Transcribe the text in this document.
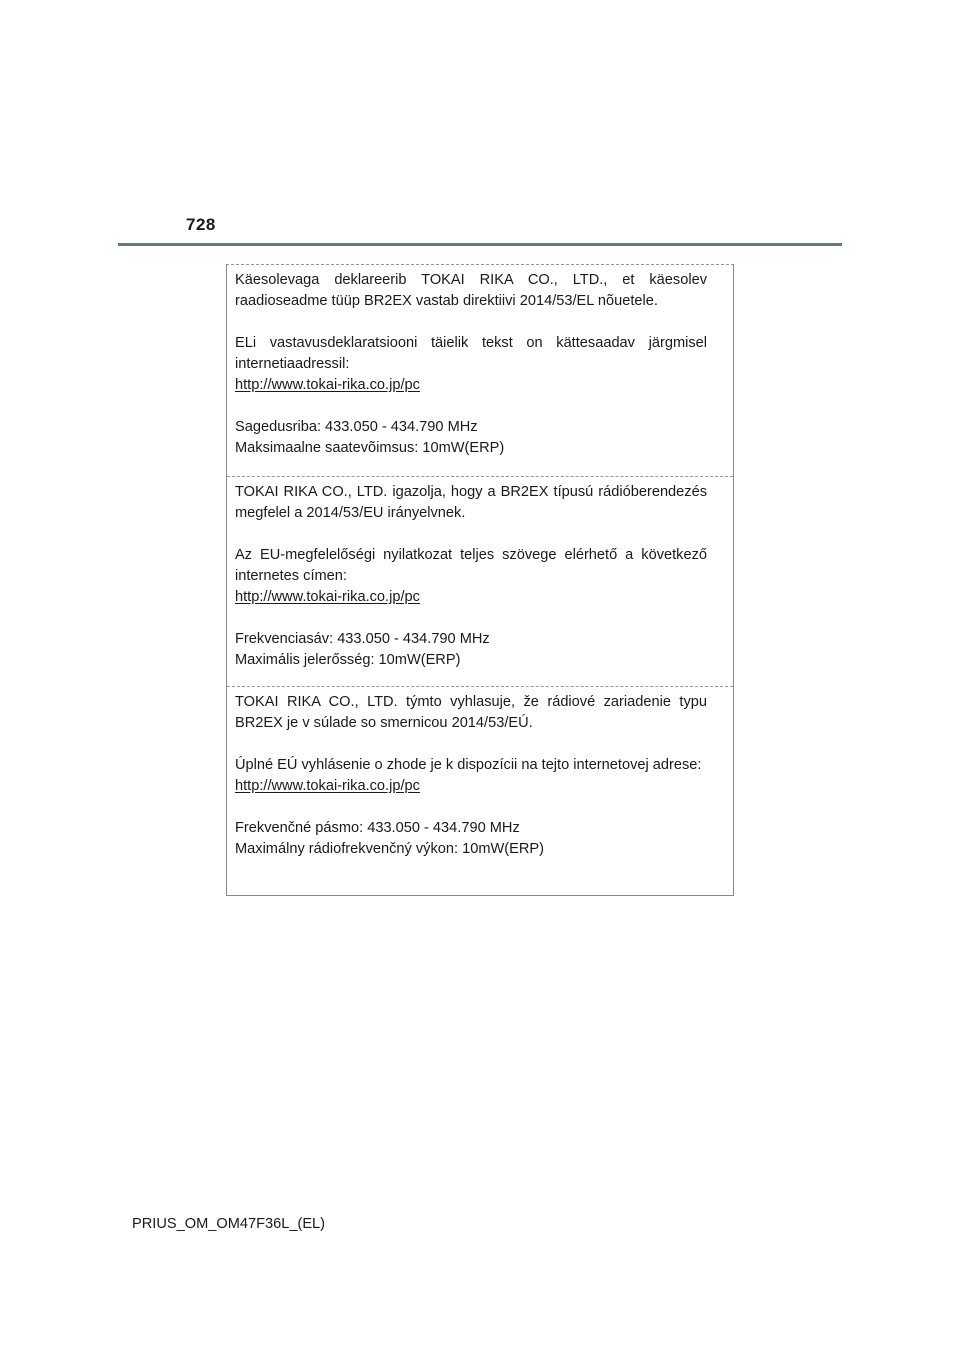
728

Käesolevaga deklareerib TOKAI RIKA CO., LTD., et käesolev raadioseadme tüüp BR2EX vastab direktiivi 2014/53/EL nõuetele.

ELi vastavusdeklaratsiooni täielik tekst on kättesaadav järgmisel internetiaadressil:

http://www.tokai-rika.co.jp/pc

Sagedusriba: 433.050 - 434.790 MHz

Maksimaalne saatevõimsus: 10mW(ERP)

TOKAI RIKA CO., LTD. igazolja, hogy a BR2EX típusú rádióberendezés megfelel a 2014/53/EU irányelvnek.

Az EU-megfelelőségi nyilatkozat teljes szövege elérhető a következő internetes címen:

http://www.tokai-rika.co.jp/pc

Frekvenciasáv: 433.050 - 434.790 MHz

Maximális jelerősség: 10mW(ERP)

TOKAI RIKA CO., LTD. týmto vyhlasuje, že rádiové zariadenie typu BR2EX je v súlade so smernicou 2014/53/EÚ.

Úplné EÚ vyhlásenie o zhode je k dispozícii na tejto internetovej adrese:

http://www.tokai-rika.co.jp/pc

Frekvenčné pásmo: 433.050 - 434.790 MHz

Maximálny rádiofrekvenčný výkon: 10mW(ERP)

PRIUS_OM_OM47F36L_(EL)
